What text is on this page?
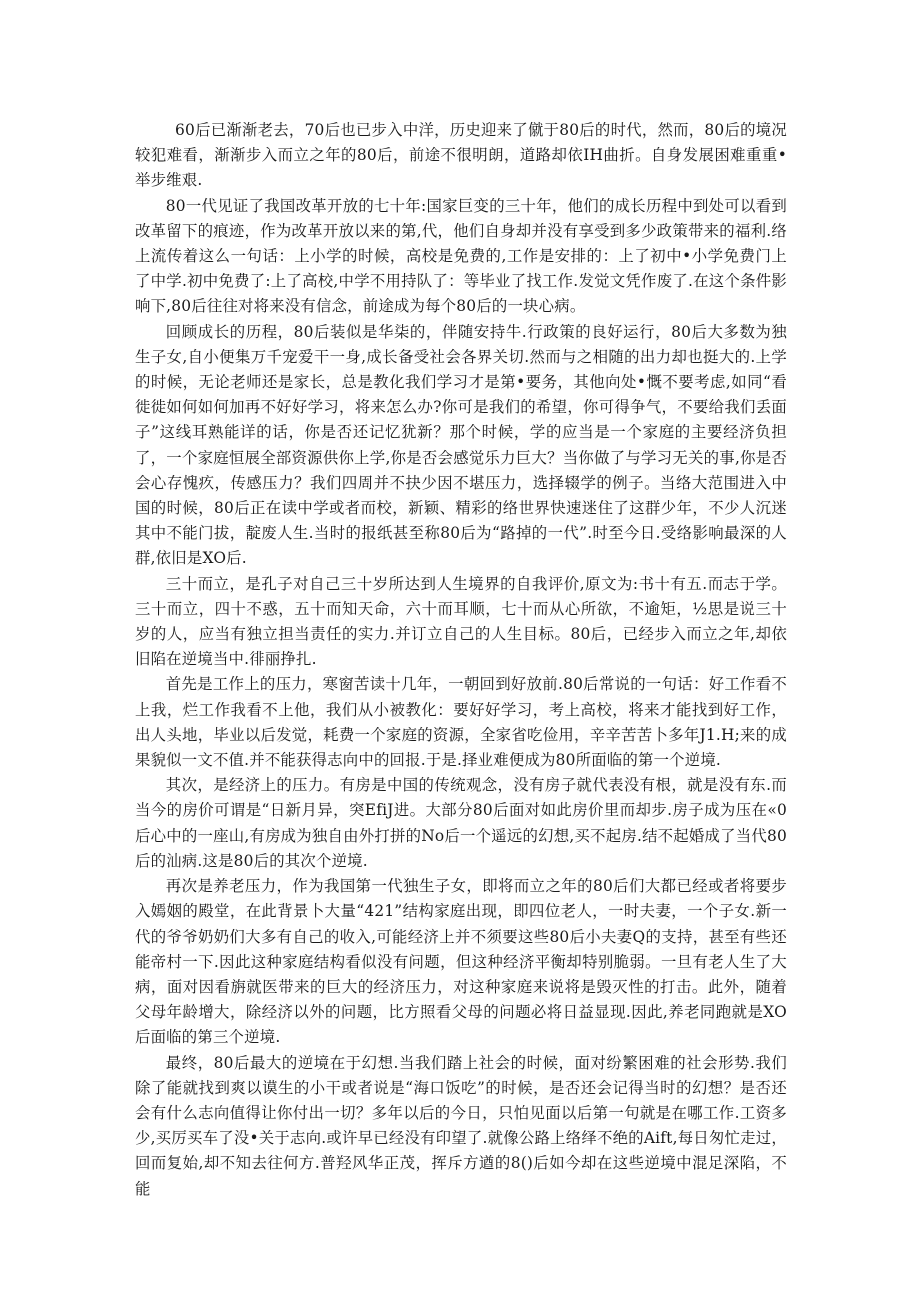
60后已渐渐老去，70后也已步入中洋，历史迎来了僦于80后的时代，然而，80后的境况较犯难看，渐渐步入而立之年的80后，前途不很明朗，道路却依IH曲折。自身发展困难重重•举步维艰.

80一代见证了我国改革开放的七十年:国家巨变的三十年，他们的成长历程中到处可以看到改革留下的痕迹，作为改革开放以来的第,代，他们自身却并没有享受到多少政策带来的福利.络上流传着这么一句话：上小学的时候，高校是免费的,工作是安排的：上了初中•小学免费门上了中学.初中免费了:上了高校,中学不用持队了：等毕业了找工作.发觉文凭作废了.在这个条件影响下,80后往往对将来没有信念，前途成为每个80后的一块心病。

回顾成长的历程，80后装似是华柒的，伴随安持牛.行政策的良好运行，80后大多数为独生子女,自小便集万千宠爱干一身,成长备受社会各界关切.然而与之相随的出力却也挺大的.上学的时候，无论老师还是家长，总是教化我们学习才是第•要务，其他向处•慨不要考虑,如同“看徙徙如何如何加再不好好学习，将来怎么办?你可是我们的希望，你可得争气，不要给我们丢面子”这线耳熟能详的话，你是否还记忆犹新？那个时候，学的应当是一个家庭的主要经济负担了，一个家庭恒展全部资源供你上学,你是否会感觉乐力巨大？当你做了与学习无关的事,你是否会心存愧疚，传感压力？我们四周并不抉少因不堪压力，选择辍学的例子。当络大范围进入中国的时候，80后正在读中学或者而校，新颖、精彩的络世界快速迷住了这群少年，不少人沉迷其中不能门拔，靛废人生.当时的报纸甚至称80后为“路掉的一代”.时至今日.受络影响最深的人群,依旧是XO后.

三十而立，是孔子对自己三十岁所达到人生境界的自我评价,原文为:书十有五.而志于学。三十而立，四十不惑，五十而知天命，六十而耳顺，七十而从心所欲，不逾矩，½思是说三十岁的人，应当有独立担当责任的实力.并订立自己的人生目标。80后，已经步入而立之年,却依旧陷在逆境当中.徘丽挣扎.

首先是工作上的压力，寒窗苦读十几年，一朝回到好放前.80后常说的一句话：好工作看不上我，烂工作我看不上他，我们从小被教化：要好好学习，考上高校，将来才能找到好工作，出人头地，毕业以后发觉，耗费一个家庭的资源，全家省吃俭用，辛辛苦苦卜多年J1.H;来的成果貌似一文不值.并不能获得志向中的回报.于是.择业难便成为80所面临的第一个逆境.

其次，是经济上的压力。有房是中国的传统观念，没有房子就代表没有根，就是没有东.而当今的房价可谓是“日新月异，突EfiJ进。大部分80后面对如此房价里而却步.房子成为压在«0后心中的一座山,有房成为独自由外打拼的No后一个遥远的幻想,买不起房.结不起婚成了当代80后的汕病.这是80后的其次个逆境.

再次是养老压力，作为我国第一代独生子女，即将而立之年的80后们大都已经或者将要步入嫣姻的殿堂，在此背景卜大量“421”结构家庭出现，即四位老人，一时夫妻，一个子女.新一代的爷爷奶奶们大多有自己的收入,可能经济上并不须要这些80后小夫妻Q的支持，甚至有些还能帝村一下.因此这种家庭结构看似没有问题，但这种经济平衡却特别脆弱。一旦有老人生了大病，面对因看旃就医带来的巨大的经济压力，对这种家庭来说将是毁灭性的打击。此外，随着父母年龄增大，除经济以外的问题，比方照看父母的问题必将日益显现.因此,养老同跑就是XO后面临的第三个逆境.

最终，80后最大的逆境在于幻想.当我们踏上社会的时候，面对纷繁困难的社会形势.我们除了能就找到爽以谟生的小干或者说是“海口饭吃”的时候，是否还会记得当时的幻想？是否还会有什么志向值得让你付出一切？多年以后的今日，只怕见面以后第一句就是在哪工作.工资多少,买厉买车了没•关于志向.或许早已经没有印望了.就像公路上络绎不绝的Aift,每日匆忙走过，回而复始,却不知去往何方.普羟风华正茂，挥斥方遒的8()后如今却在这些逆境中混足深陷，不能
